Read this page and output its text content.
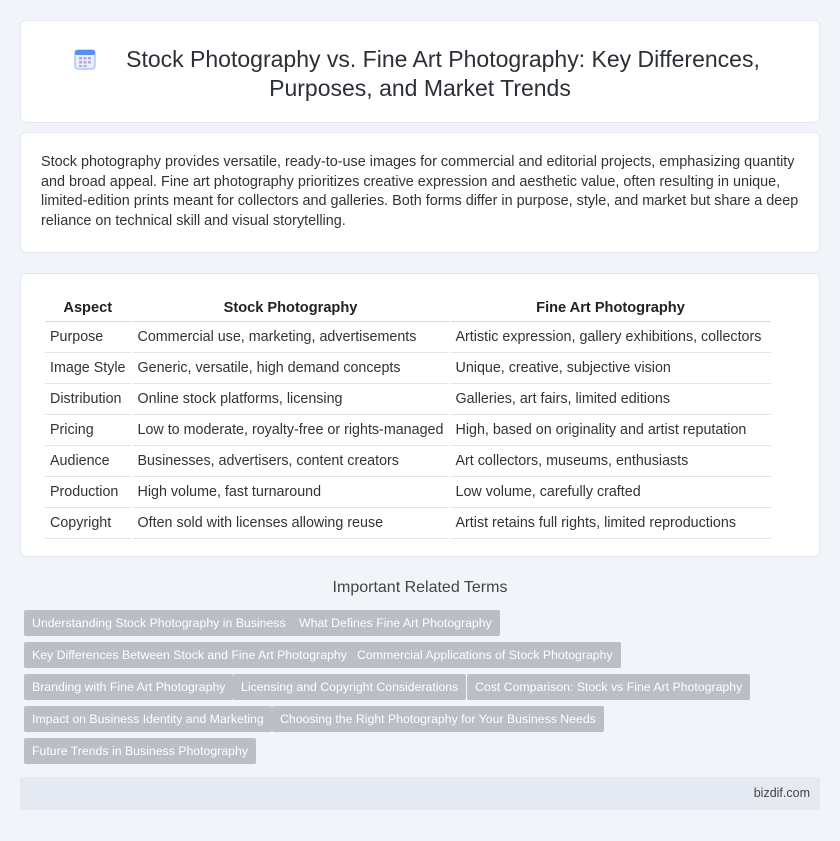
Stock Photography vs. Fine Art Photography: Key Differences,
Purposes, and Market Trends

Stock photography provides versatile, ready-to-use images for commercial and editorial projects, emphasizing quantity and broad appeal. Fine art photography prioritizes creative expression and aesthetic value, often resulting in unique, limited-edition prints meant for collectors and galleries. Both forms differ in purpose, style, and market but share a deep reliance on technical skill and visual storytelling.

Aspect	Stock Photography	Fine Art Photography
Purpose	Commercial use, marketing, advertisements	Artistic expression, gallery exhibitions, collectors
Image Style	Generic, versatile, high demand concepts	Unique, creative, subjective vision
Distribution	Online stock platforms, licensing	Galleries, art fairs, limited editions
Pricing	Low to moderate, royalty-free or rights-managed	High, based on originality and artist reputation
Audience	Businesses, advertisers, content creators	Art collectors, museums, enthusiasts
Production	High volume, fast turnaround	Low volume, carefully crafted
Copyright	Often sold with licenses allowing reuse	Artist retains full rights, limited reproductions
Important Related Terms
Understanding Stock Photography in Business	What Defines Fine Art Photography
Key Differences Between Stock and Fine Art Photography Commercial Applications of Stock Photography
Branding with Fine Art Photography	Licensing and Copyright Considerations	Cost Comparison: Stock vs Fine Art Photography
Impact on Business Identity and Marketing	Choosing the Right Photography for Your Business Needs
Future Trends in Business Photography
bizdif.com
